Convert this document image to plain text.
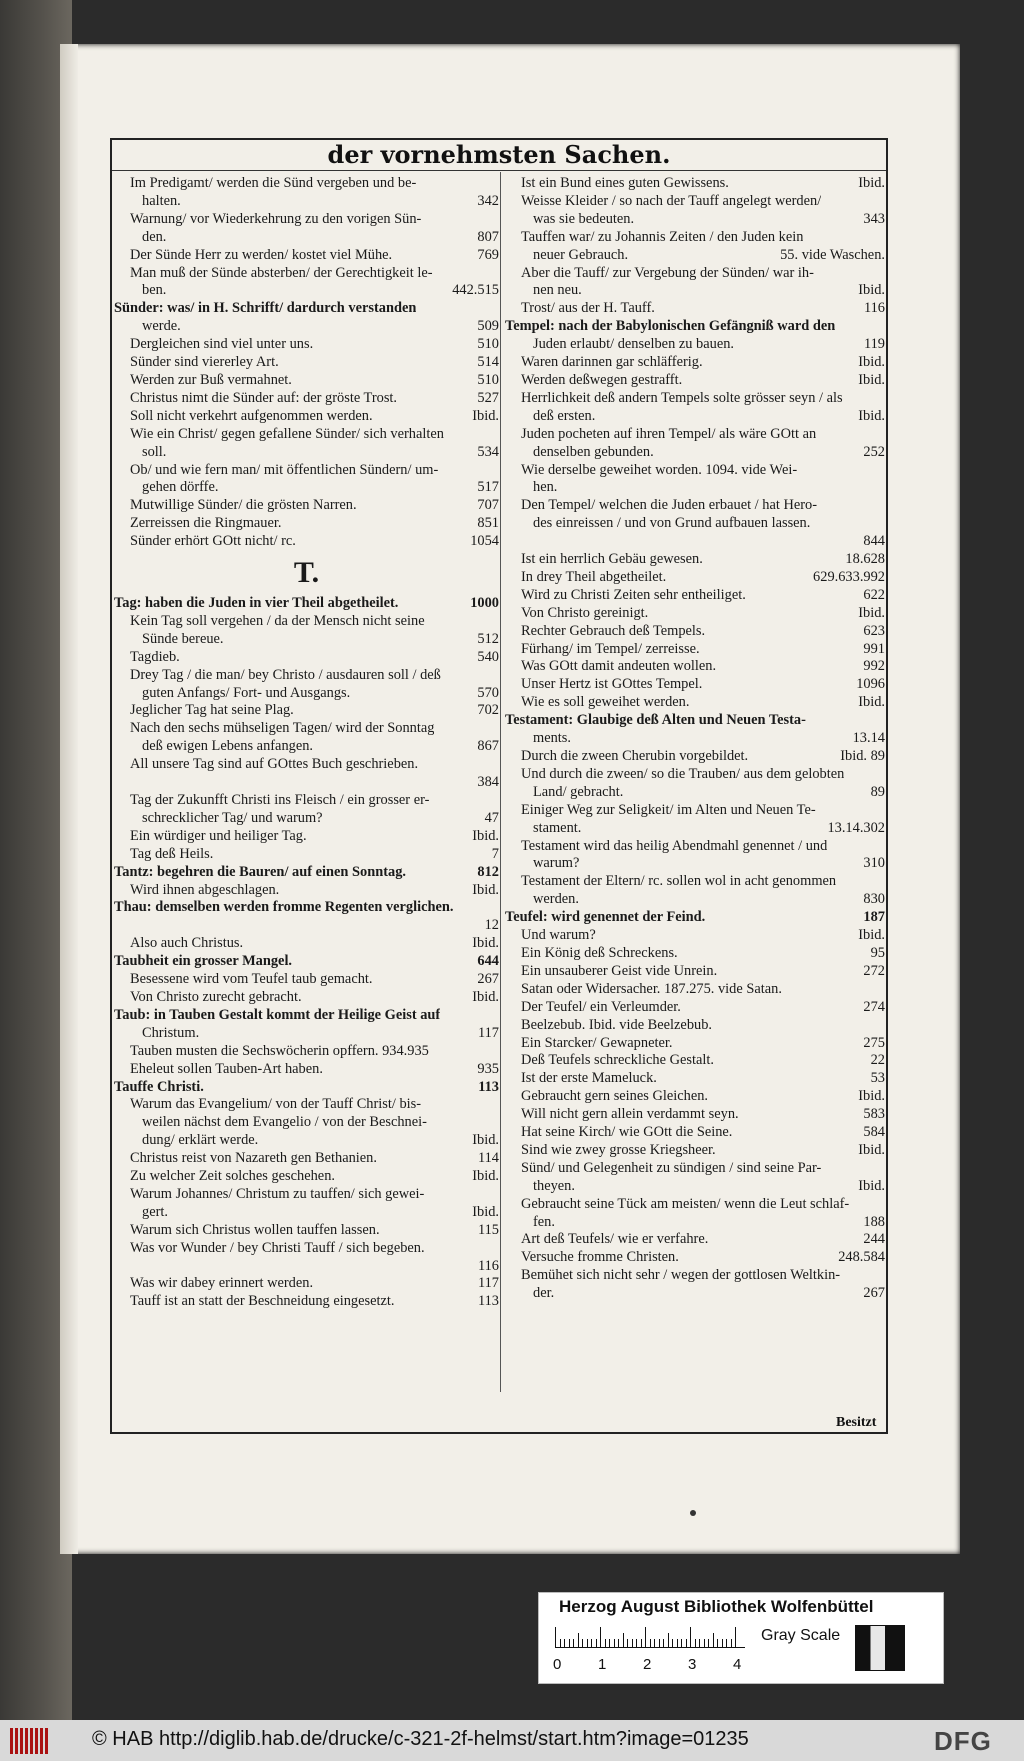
der vornehmsten Sachen.
Im Predigamt/ werden die Sünd vergeben und be-
halten.	342
Warnung/ vor Wiederkehrung zu den vorigen Sün-
den.	807
Der Sünde Herr zu werden/ kostet viel Mühe.	769
Man muß der Sünde absterben/ der Gerechtigkeit le-
ben.	442.515
Sünder: was/ in H. Schrifft/ dardurch verstanden
werde.	509
Dergleichen sind viel unter uns.	510
Sünder sind viererley Art.	514
Werden zur Buß vermahnet.	510
Christus nimt die Sünder auf: der gröste Trost.	527
Soll nicht verkehrt aufgenommen werden.	Ibid.
Wie ein Christ/ gegen gefallene Sünder/ sich verhalten
soll.	534
Ob/ und wie fern man/ mit öffentlichen Sündern/ um-
gehen dörffe.	517
Mutwillige Sünder/ die grösten Narren.	707
Zerreissen die Ringmauer.	851
Sünder erhört GOtt nicht/ rc.	1054
T.
Tag: haben die Juden in vier Theil abgetheilet.	1000
Kein Tag soll vergehen / da der Mensch nicht seine
Sünde bereue.	512
Tagdieb.	540
Drey Tag / die man/ bey Christo / ausdauren soll / deß
guten Anfangs/ Fort- und Ausgangs.	570
Jeglicher Tag hat seine Plag.	702
Nach den sechs mühseligen Tagen/ wird der Sonntag
deß ewigen Lebens anfangen.	867
All unsere Tag sind auf GOttes Buch geschrieben.
384
Tag der Zukunfft Christi ins Fleisch / ein grosser er-
schrecklicher Tag/ und warum?	47
Ein würdiger und heiliger Tag.	Ibid.
Tag deß Heils.	7
Tantz: begehren die Bauren/ auf einen Sonntag.	812
Wird ihnen abgeschlagen.	Ibid.
Thau: demselben werden fromme Regenten verglichen.
12
Also auch Christus.	Ibid.
Taubheit ein grosser Mangel.	644
Besessene wird vom Teufel taub gemacht.	267
Von Christo zurecht gebracht.	Ibid.
Taub: in Tauben Gestalt kommt der Heilige Geist auf
Christum.	117
Tauben musten die Sechswöcherin opffern. 934.935
Eheleut sollen Tauben-Art haben.	935
Tauffe Christi.	113
Warum das Evangelium/ von der Tauff Christ/ bis-
weilen nächst dem Evangelio / von der Beschnei-
dung/ erklärt werde.	Ibid.
Christus reist von Nazareth gen Bethanien.	114
Zu welcher Zeit solches geschehen.	Ibid.
Warum Johannes/ Christum zu tauffen/ sich gewei-
gert.	Ibid.
Warum sich Christus wollen tauffen lassen.	115
Was vor Wunder / bey Christi Tauff / sich begeben.
116
Was wir dabey erinnert werden.	117
Tauff ist an statt der Beschneidung eingesetzt.	113
Ist ein Bund eines guten Gewissens.	Ibid.
Weisse Kleider / so nach der Tauff angelegt werden/
was sie bedeuten.	343
Tauffen war/ zu Johannis Zeiten / den Juden kein
neuer Gebrauch.	55. vide Waschen.
Aber die Tauff/ zur Vergebung der Sünden/ war ih-
nen neu.	Ibid.
Trost/ aus der H. Tauff.	116
Tempel: nach der Babylonischen Gefängniß ward den
Juden erlaubt/ denselben zu bauen.	119
Waren darinnen gar schläfferig.	Ibid.
Werden deßwegen gestrafft.	Ibid.
Herrlichkeit deß andern Tempels solte grösser seyn / als
deß ersten.	Ibid.
Juden pocheten auf ihren Tempel/ als wäre GOtt an
denselben gebunden.	252
Wie derselbe geweihet worden. 1094. vide Wei-
hen.
Den Tempel/ welchen die Juden erbauet / hat Hero-
des einreissen / und von Grund aufbauen lassen.
844
Ist ein herrlich Gebäu gewesen.	18.628
In drey Theil abgetheilet.	629.633.992
Wird zu Christi Zeiten sehr entheiliget.	622
Von Christo gereinigt.	Ibid.
Rechter Gebrauch deß Tempels.	623
Fürhang/ im Tempel/ zerreisse.	991
Was GOtt damit andeuten wollen.	992
Unser Hertz ist GOttes Tempel.	1096
Wie es soll geweihet werden.	Ibid.
Testament: Glaubige deß Alten und Neuen Testa-
ments.	13.14
Durch die zween Cherubin vorgebildet.	Ibid. 89
Und durch die zween/ so die Trauben/ aus dem gelobten
Land/ gebracht.	89
Einiger Weg zur Seligkeit/ im Alten und Neuen Te-
stament.	13.14.302
Testament wird das heilig Abendmahl genennet / und
warum?	310
Testament der Eltern/ rc. sollen wol in acht genommen
werden.	830
Teufel: wird genennet der Feind.	187
Und warum?	Ibid.
Ein König deß Schreckens.	95
Ein unsauberer Geist vide Unrein.	272
Satan oder Widersacher. 187.275. vide Satan.
Der Teufel/ ein Verleumder.	274
Beelzebub. Ibid. vide Beelzebub.
Ein Starcker/ Gewapneter.	275
Deß Teufels schreckliche Gestalt.	22
Ist der erste Mameluck.	53
Gebraucht gern seines Gleichen.	Ibid.
Will nicht gern allein verdammt seyn.	583
Hat seine Kirch/ wie GOtt die Seine.	584
Sind wie zwey grosse Kriegsheer.	Ibid.
Sünd/ und Gelegenheit zu sündigen / sind seine Par-
theyen.	Ibid.
Gebraucht seine Tück am meisten/ wenn die Leut schlaf-
fen.	188
Art deß Teufels/ wie er verfahre.	244
Versuche fromme Christen.	248.584
Bemühet sich nicht sehr / wegen der gottlosen Weltkin-
der.	267
Besitzt
Herzog August Bibliothek Wolfenbüttel
0 1 2 3 4
Gray Scale
© HAB http://diglib.hab.de/drucke/c-321-2f-helmst/start.htm?image=01235	DFG
